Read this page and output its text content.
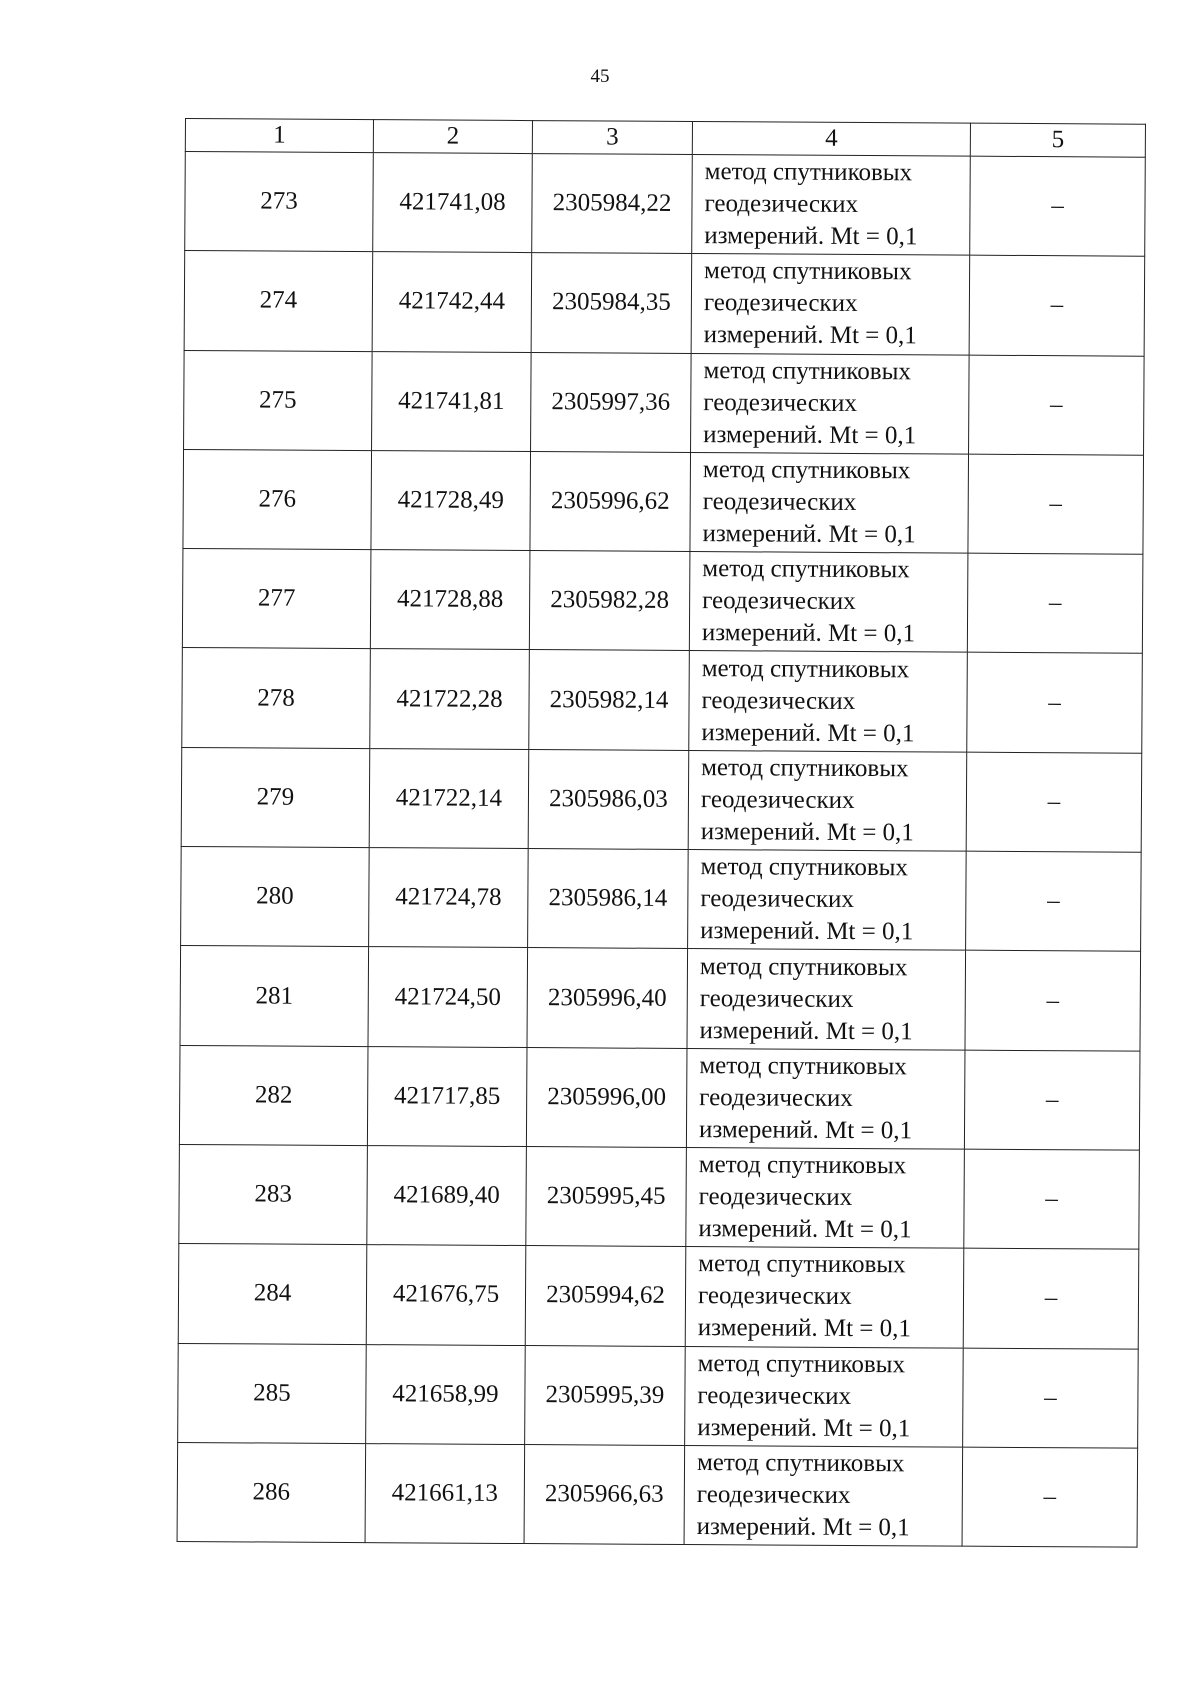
45
1	2	3	4	5
273	421741,08	2305984,22	метод спутниковых
геодезических
измерений. Mt = 0,1	–
274	421742,44	2305984,35	метод спутниковых
геодезических
измерений. Mt = 0,1	–
275	421741,81	2305997,36	метод спутниковых
геодезических
измерений. Mt = 0,1	–
276	421728,49	2305996,62	метод спутниковых
геодезических
измерений. Mt = 0,1	–
277	421728,88	2305982,28	метод спутниковых
геодезических
измерений. Mt = 0,1	–
278	421722,28	2305982,14	метод спутниковых
геодезических
измерений. Mt = 0,1	–
279	421722,14	2305986,03	метод спутниковых
геодезических
измерений. Mt = 0,1	–
280	421724,78	2305986,14	метод спутниковых
геодезических
измерений. Mt = 0,1	–
281	421724,50	2305996,40	метод спутниковых
геодезических
измерений. Mt = 0,1	–
282	421717,85	2305996,00	метод спутниковых
геодезических
измерений. Mt = 0,1	–
283	421689,40	2305995,45	метод спутниковых
геодезических
измерений. Mt = 0,1	–
284	421676,75	2305994,62	метод спутниковых
геодезических
измерений. Mt = 0,1	–
285	421658,99	2305995,39	метод спутниковых
геодезических
измерений. Mt = 0,1	–
286	421661,13	2305966,63	метод спутниковых
геодезических
измерений. Mt = 0,1	–
